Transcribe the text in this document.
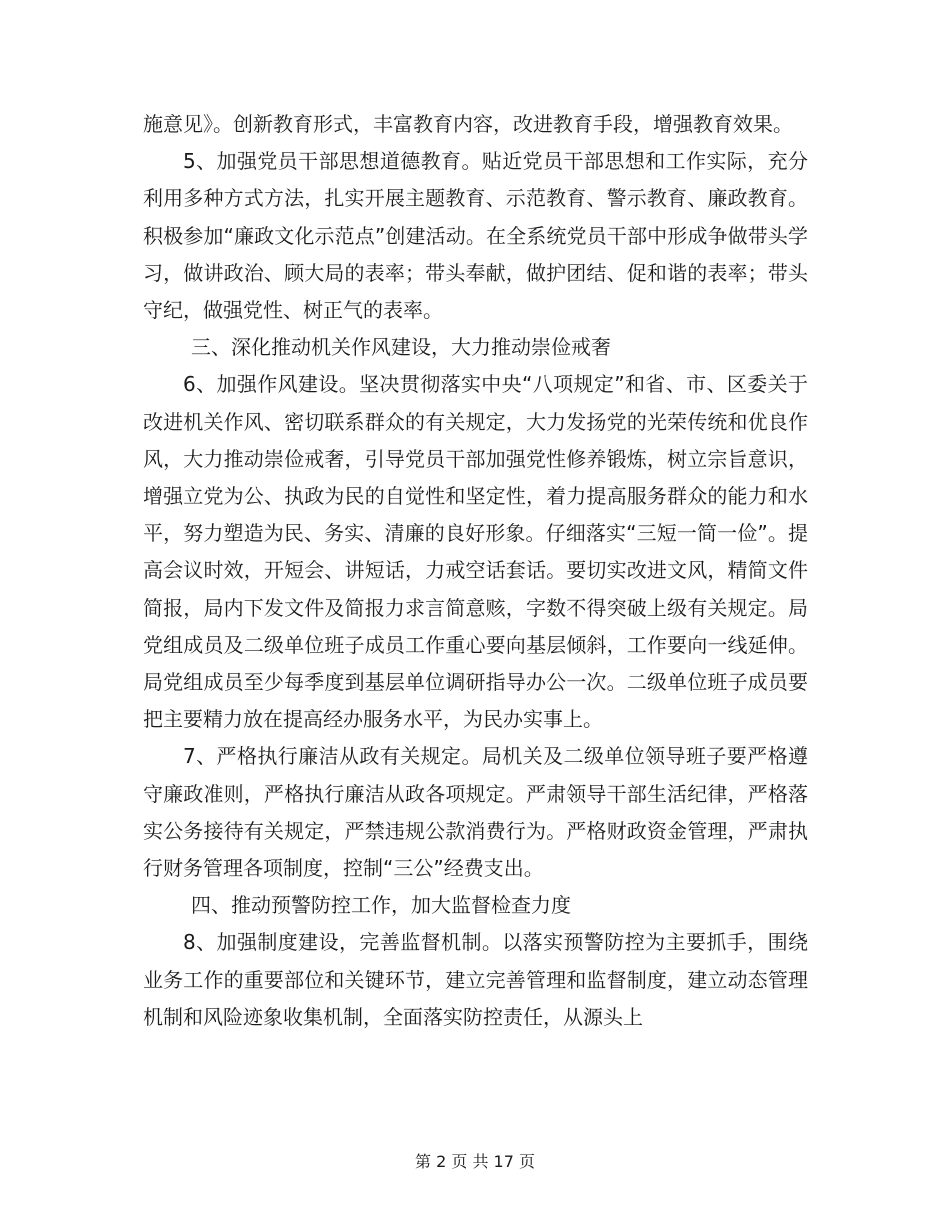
施意见》。创新教育形式，丰富教育内容，改进教育手段，增强教育效果。

5、加强党员干部思想道德教育。贴近党员干部思想和工作实际，充分利用多种方式方法，扎实开展主题教育、示范教育、警示教育、廉政教育。积极参加“廉政文化示范点”创建活动。在全系统党员干部中形成争做带头学习，做讲政治、顾大局的表率；带头奉献，做护团结、促和谐的表率；带头守纪，做强党性、树正气的表率。

三、深化推动机关作风建设，大力推动崇俭戒奢

6、加强作风建设。坚决贯彻落实中央“八项规定”和省、市、区委关于改进机关作风、密切联系群众的有关规定，大力发扬党的光荣传统和优良作风，大力推动崇俭戒奢，引导党员干部加强党性修养锻炼，树立宗旨意识，增强立党为公、执政为民的自觉性和坚定性，着力提高服务群众的能力和水平，努力塑造为民、务实、清廉的良好形象。仔细落实“三短一简一俭”。提高会议时效，开短会、讲短话，力戒空话套话。要切实改进文风，精简文件简报，局内下发文件及简报力求言简意赅，字数不得突破上级有关规定。局党组成员及二级单位班子成员工作重心要向基层倾斜，工作要向一线延伸。局党组成员至少每季度到基层单位调研指导办公一次。二级单位班子成员要把主要精力放在提高经办服务水平，为民办实事上。

7、严格执行廉洁从政有关规定。局机关及二级单位领导班子要严格遵守廉政准则，严格执行廉洁从政各项规定。严肃领导干部生活纪律，严格落实公务接待有关规定，严禁违规公款消费行为。严格财政资金管理，严肃执行财务管理各项制度，控制“三公”经费支出。

四、推动预警防控工作，加大监督检查力度

8、加强制度建设，完善监督机制。以落实预警防控为主要抓手，围绕业务工作的重要部位和关键环节，建立完善管理和监督制度，建立动态管理机制和风险迹象收集机制，全面落实防控责任，从源头上

第 2 页 共 17 页
